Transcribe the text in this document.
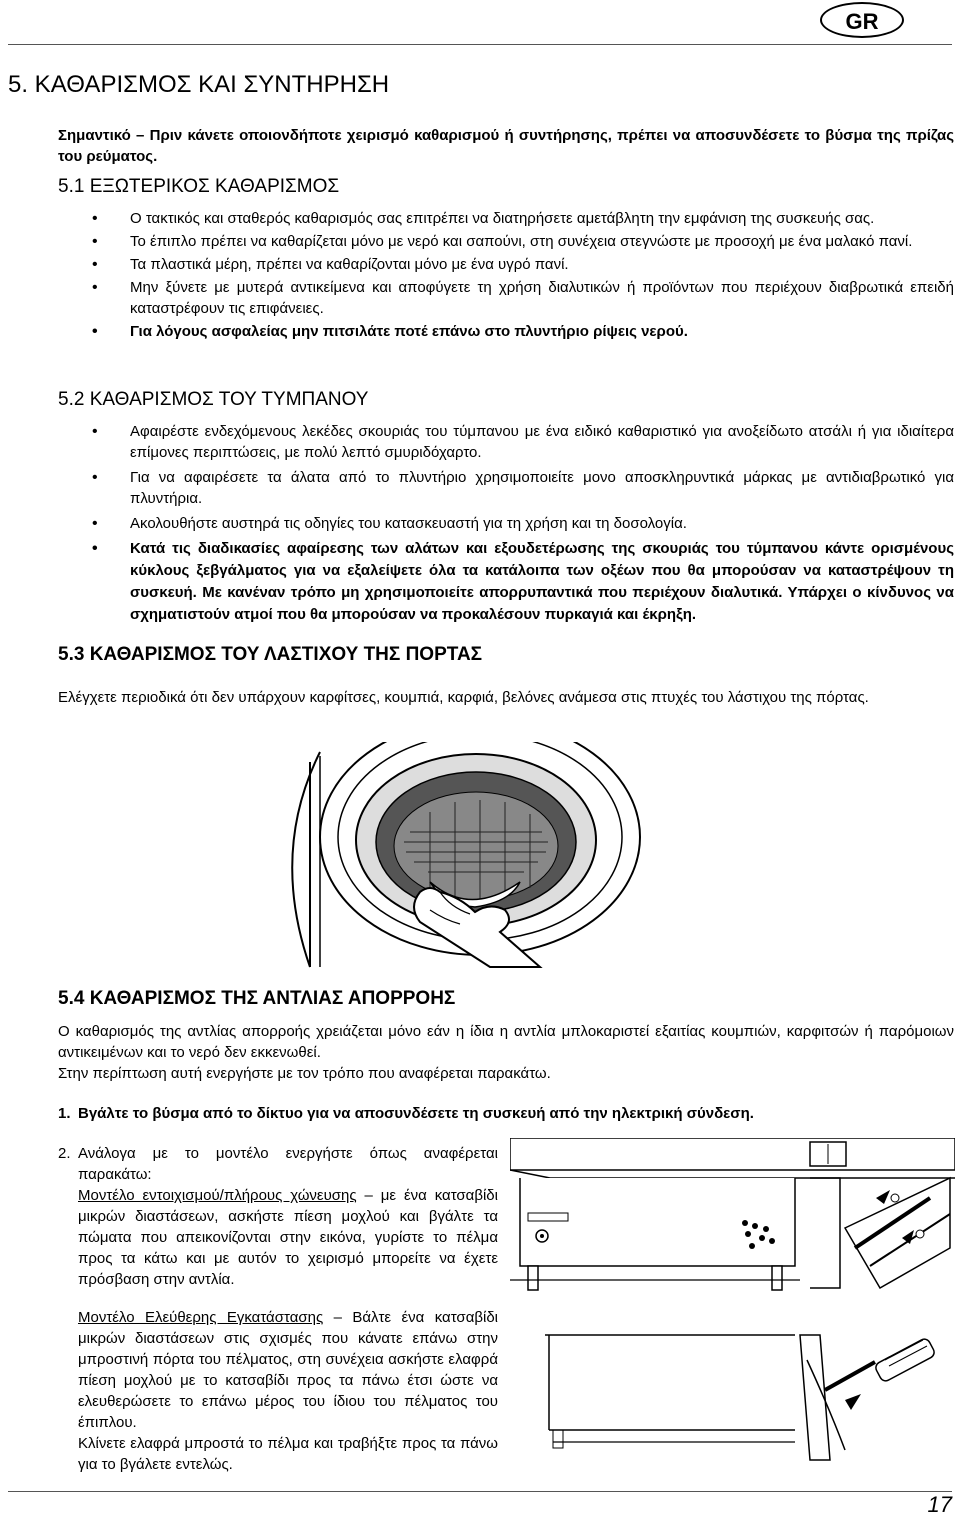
GR
5. ΚΑΘΑΡΙΣΜΟΣ ΚΑΙ ΣΥΝΤΗΡΗΣΗ
Σημαντικό – Πριν κάνετε οποιονδήποτε χειρισμό καθαρισμού ή συντήρησης, πρέπει να αποσυνδέσετε το βύσμα της πρίζας του ρεύματος.
5.1 ΕΞΩΤΕΡΙΚΟΣ ΚΑΘΑΡΙΣΜΟΣ
• Ο τακτικός και σταθερός καθαρισμός σας επιτρέπει να διατηρήσετε αμετάβλητη την εμφάνιση της συσκευής σας.
• Το έπιπλο πρέπει να καθαρίζεται μόνο με νερό και σαπούνι, στη συνέχεια στεγνώστε με προσοχή με ένα μαλακό πανί.
• Τα πλαστικά μέρη, πρέπει να καθαρίζονται μόνο με ένα υγρό πανί.
• Μην ξύνετε με μυτερά αντικείμενα και αποφύγετε τη χρήση διαλυτικών ή προϊόντων που περιέχουν διαβρωτικά επειδή καταστρέφουν τις επιφάνειες.
• Για λόγους ασφαλείας μην πιτσιλάτε ποτέ επάνω στο πλυντήριο ρίψεις νερού.
5.2 ΚΑΘΑΡΙΣΜΟΣ ΤΟΥ ΤΥΜΠΑΝΟΥ
• Αφαιρέστε ενδεχόμενους λεκέδες σκουριάς του τύμπανου με ένα ειδικό καθαριστικό για ανοξείδωτο ατσάλι ή για ιδιαίτερα επίμονες περιπτώσεις, με πολύ λεπτό σμυριδόχαρτο.
• Για να αφαιρέσετε τα άλατα από το πλυντήριο χρησιμοποιείτε μονο αποσκληρυντικά μάρκας με αντιδιαβρωτικό για πλυντήρια.
• Ακολουθήστε αυστηρά τις οδηγίες του κατασκευαστή για τη χρήση και τη δοσολογία.
• Κατά τις διαδικασίες αφαίρεσης των αλάτων και εξουδετέρωσης της σκουριάς του τύμπανου κάντε ορισμένους κύκλους ξεβγάλματος για να εξαλείψετε όλα τα κατάλοιπα των οξέων που θα μπορούσαν να καταστρέψουν τη συσκευή. Με κανέναν τρόπο μη χρησιμοποιείτε απορρυπαντικά που περιέχουν διαλυτικά. Υπάρχει ο κίνδυνος να σχηματιστούν ατμοί που θα μπορούσαν να προκαλέσουν πυρκαγιά και έκρηξη.
5.3 ΚΑΘΑΡΙΣΜΟΣ ΤΟΥ ΛΑΣΤΙΧΟΥ ΤΗΣ ΠΟΡΤΑΣ
Ελέγχετε περιοδικά ότι δεν υπάρχουν καρφίτσες, κουμπιά, καρφιά, βελόνες ανάμεσα στις πτυχές του λάστιχου της πόρτας.
5.4 ΚΑΘΑΡΙΣΜΟΣ ΤΗΣ ΑΝΤΛΙΑΣ ΑΠΟΡΡΟΗΣ
Ο καθαρισμός της αντλίας απορροής χρειάζεται μόνο εάν η ίδια η αντλία μπλοκαριστεί εξαιτίας κουμπιών, καρφιτσών ή παρόμοιων αντικειμένων και το νερό δεν εκκενωθεί.
Στην περίπτωση αυτή ενεργήστε με τον τρόπο που αναφέρεται παρακάτω.
1. Βγάλτε το βύσμα από το δίκτυο για να αποσυνδέσετε τη συσκευή από την ηλεκτρική σύνδεση.
2. Ανάλογα με το μοντέλο ενεργήστε όπως αναφέρεται παρακάτω:
Μοντέλο εντοιχισμού/πλήρους χώνευσης – με ένα κατσαβίδι μικρών διαστάσεων, ασκήστε πίεση μοχλού και βγάλτε τα πώματα που απεικονίζονται στην εικόνα, γυρίστε το πέλμα προς τα κάτω και με αυτόν το χειρισμό μπορείτε να έχετε πρόσβαση στην αντλία.
Μοντέλο Ελεύθερης Εγκατάστασης – Βάλτε ένα κατσαβίδι μικρών διαστάσεων στις σχισμές που κάνατε επάνω στην μπροστινή πόρτα του πέλματος, στη συνέχεια ασκήστε ελαφρά πίεση μοχλού με το κατσαβίδι προς τα πάνω έτσι ώστε να ελευθερώσετε το επάνω μέρος του ίδιου του πέλματος του έπιπλου.
Κλίνετε ελαφρά μπροστά το πέλμα και τραβήξτε προς τα πάνω για το βγάλετε εντελώς.
17
